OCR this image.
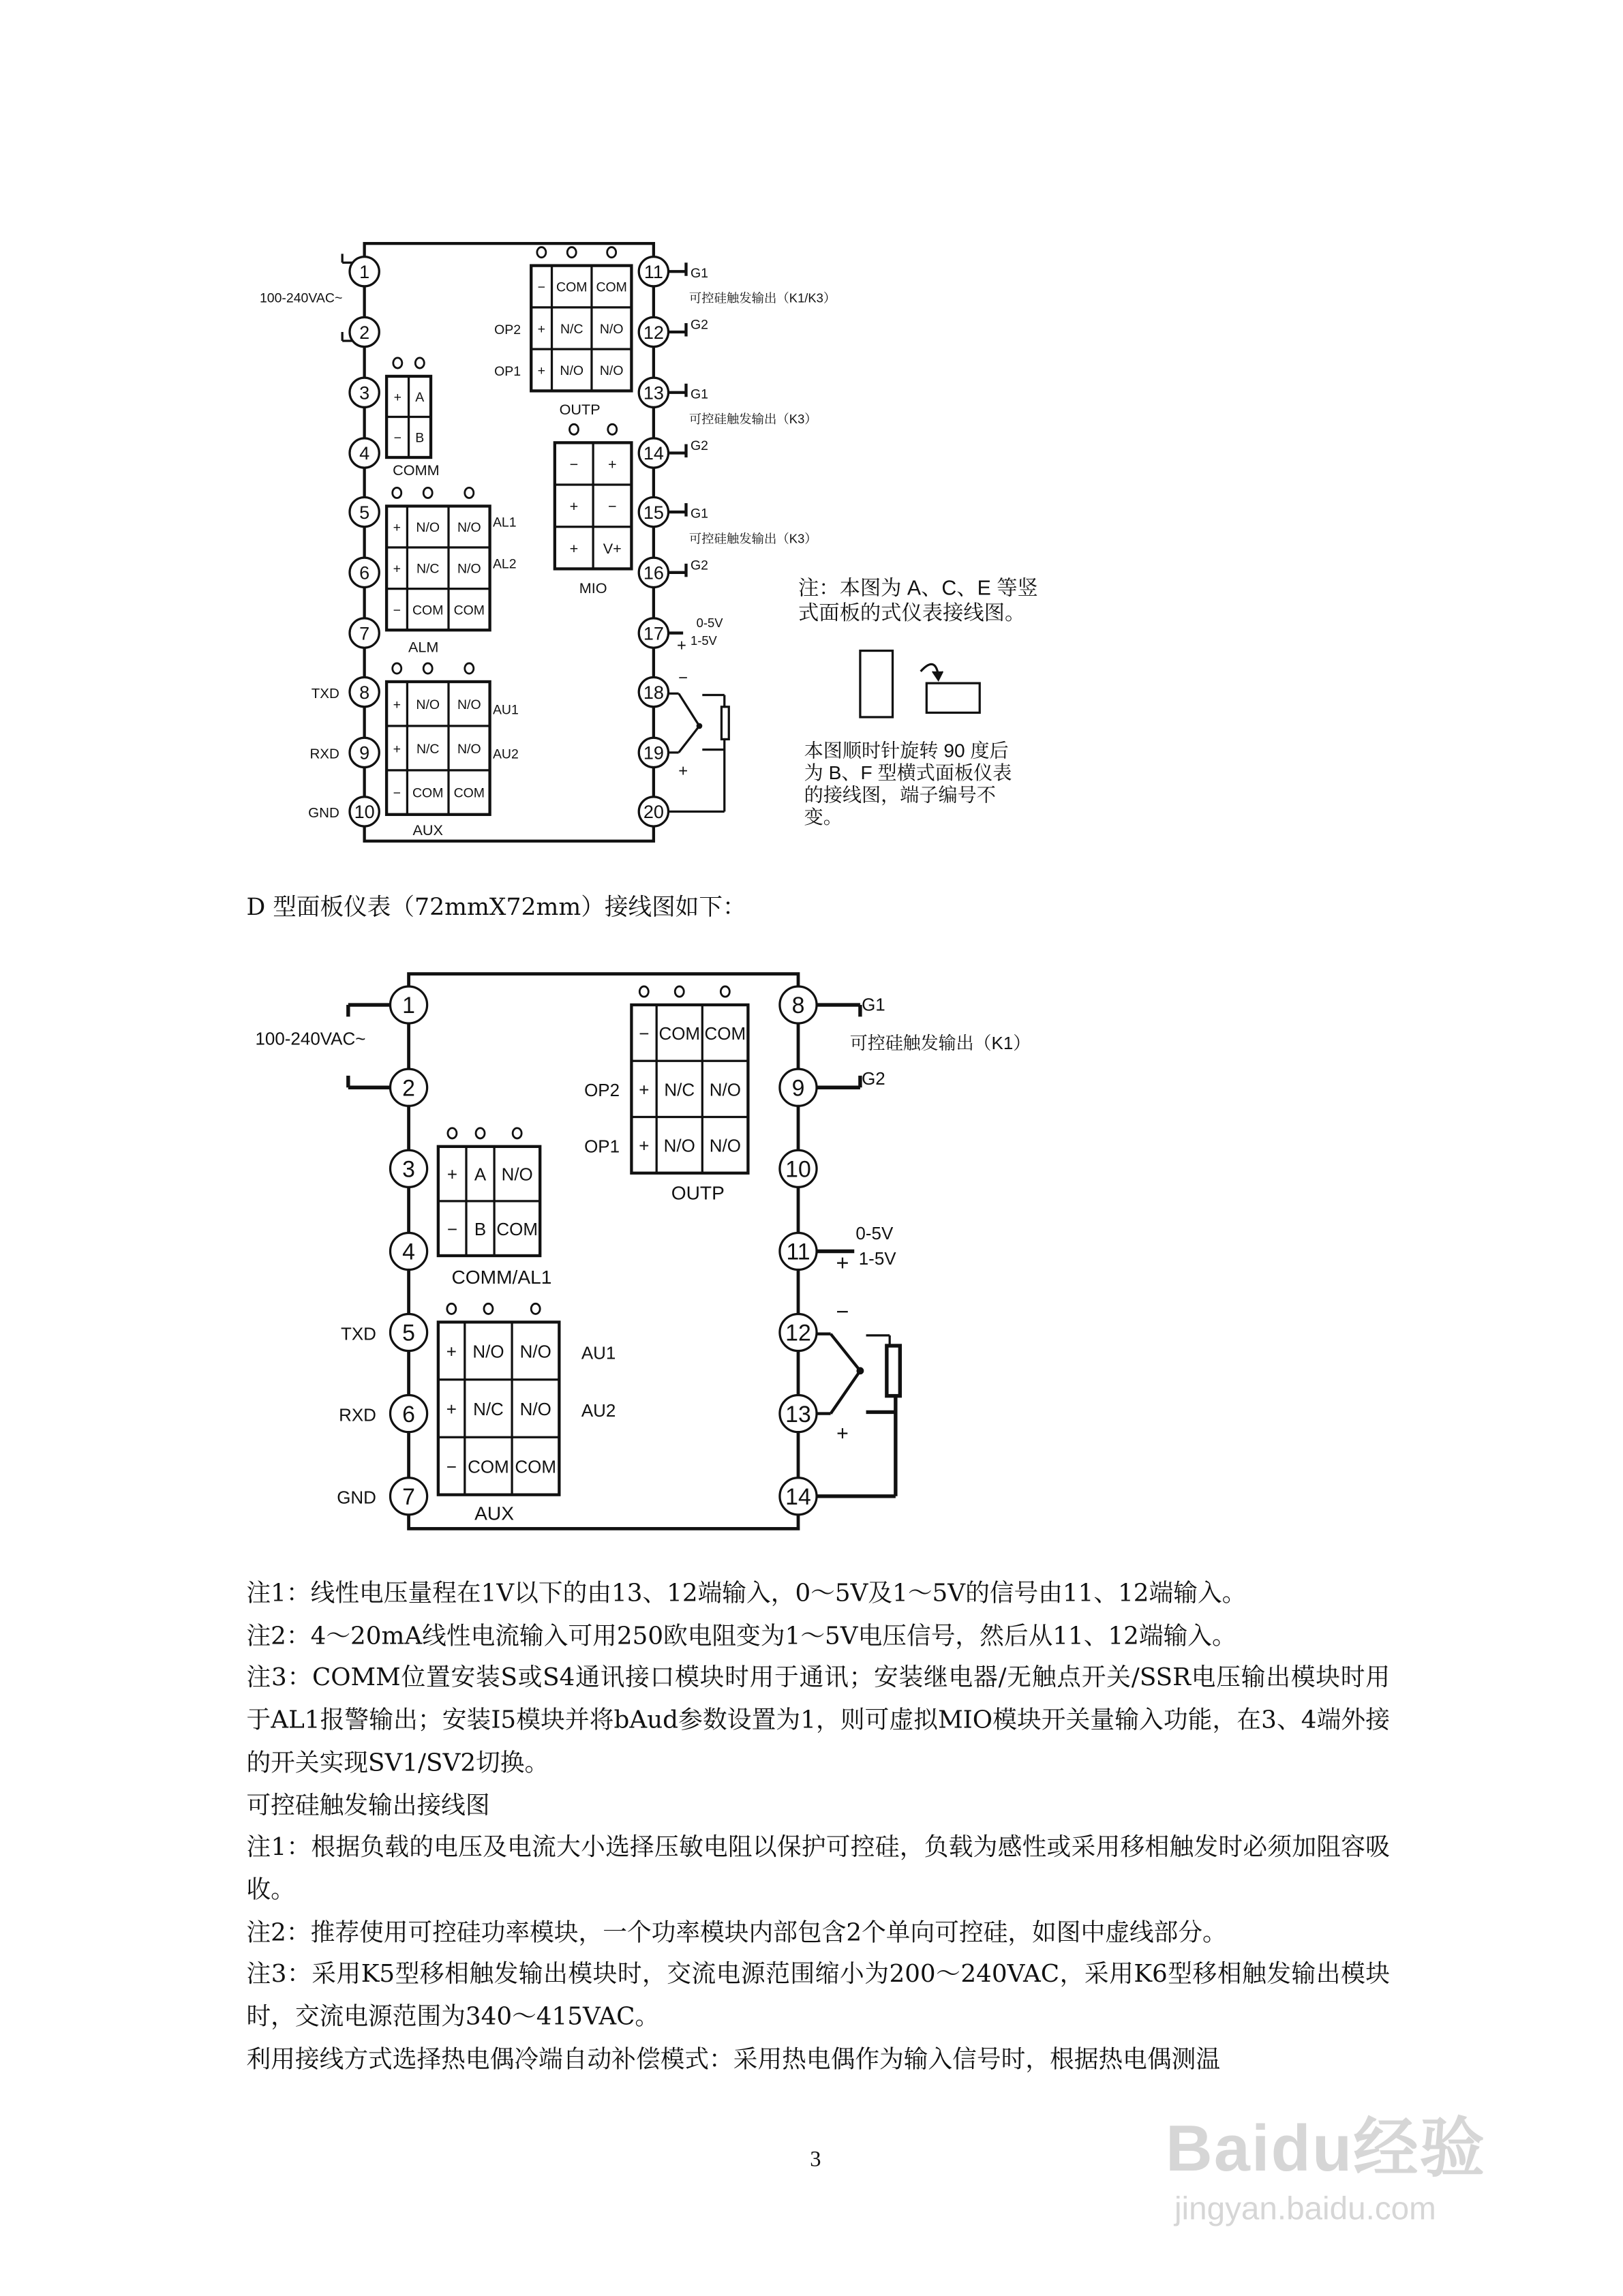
100-240VAC~
1
2
3
4
5
6
7
8
9
10
11
12
13
14
15
16
17
18
19
20
TXD
RXD
GND
− COM COM
+ N/C	N/O
+ N/O	N/O
OUTP
OP2
OP1
+ A
− B
COMM
+ N/O	N/O
+	N/C	N/O
− COM COM
ALM
AL1
AL2
−	+
+	−
+	V+
MIO
+ N/O	N/O
+	N/C	N/O
− COM COM
AUX
AU1
AU2
G1
G2
G1
G2
G1
G2
可控硅触发输出（K1/K3）
可控硅触发输出（K3）
可控硅触发输出（K3）
0-5V
1-5V
+
−
+
注：本图为 A、C、E 等竖
式面板的式仪表接线图。
本图顺时针旋转 90 度后
为 B、F 型横式面板仪表
的接线图，端子编号不
变。
100-240VAC~
1
2
3
4
5
6
7
8
9
10
11
12
13
14
TXD
RXD
GND
− COM COM
+ N/C N/O
+ N/O N/O
OUTP
OP2
OP1
+ A N/O
− B COM
COMM/AL1
+ N/O N/O
+ N/C N/O
− COM COM
AUX
AU1
AU2
G1
G2
可控硅触发输出（K1）
0-5V
1-5V
+
−
+
D 型面板仪表（72mmX72mm）接线图如下：

注1：线性电压量程在1V以下的由13、12端输入，0～5V及1～5V的信号由11、12端输入。

注2：4～20mA线性电流输入可用250欧电阻变为1～5V电压信号，然后从11、12端输入。

注3：COMM位置安装S或S4通讯接口模块时用于通讯；安装继电器/无触点开关/SSR电压输出模块时用于AL1报警输出；安装I5模块并将bAud参数设置为1，则可虚拟MIO模块开关量输入功能，在3、4端外接的开关实现SV1/SV2切换。

可控硅触发输出接线图

注1：根据负载的电压及电流大小选择压敏电阻以保护可控硅，负载为感性或采用移相触发时必须加阻容吸收。

注2：推荐使用可控硅功率模块，一个功率模块内部包含2个单向可控硅，如图中虚线部分。

注3：采用K5型移相触发输出模块时，交流电源范围缩小为200～240VAC，采用K6型移相触发输出模块时，交流电源范围为340～415VAC。

利用接线方式选择热电偶冷端自动补偿模式：采用热电偶作为输入信号时，根据热电偶测温

3	Baidu经验
jingyan.baidu.com
